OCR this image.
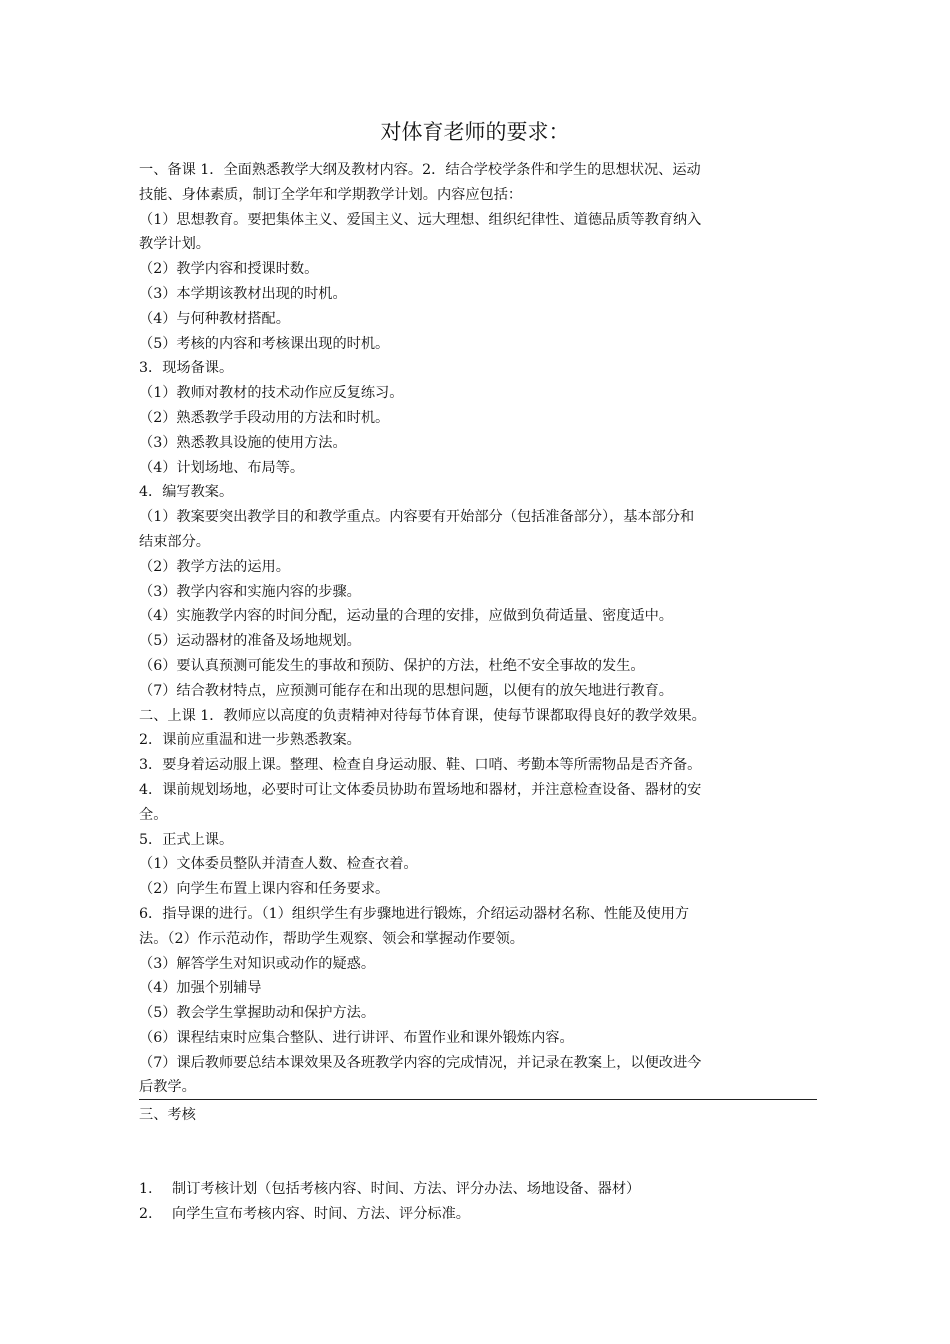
对体育老师的要求：
一、备课 1．全面熟悉教学大纲及教材内容。2．结合学校学条件和学生的思想状况、运动
技能、身体素质，制订全学年和学期教学计划。内容应包括：
（1）思想教育。要把集体主义、爱国主义、远大理想、组织纪律性、道德品质等教育纳入
教学计划。
（2）教学内容和授课时数。
（3）本学期该教材出现的时机。
（4）与何种教材搭配。
（5）考核的内容和考核课出现的时机。
3．现场备课。
（1）教师对教材的技术动作应反复练习。
（2）熟悉教学手段动用的方法和时机。
（3）熟悉教具设施的使用方法。
（4）计划场地、布局等。
4．编写教案。
（1）教案要突出教学目的和教学重点。内容要有开始部分（包括准备部分），基本部分和
结束部分。
（2）教学方法的运用。
（3）教学内容和实施内容的步骤。
（4）实施教学内容的时间分配，运动量的合理的安排，应做到负荷适量、密度适中。
（5）运动器材的准备及场地规划。
（6）要认真预测可能发生的事故和预防、保护的方法，杜绝不安全事故的发生。
（7）结合教材特点，应预测可能存在和出现的思想问题，以便有的放矢地进行教育。
二、上课 1．教师应以高度的负责精神对待每节体育课，使每节课都取得良好的教学效果。
2．课前应重温和进一步熟悉教案。
3．要身着运动服上课。整理、检查自身运动服、鞋、口哨、考勤本等所需物品是否齐备。
4．课前规划场地，必要时可让文体委员协助布置场地和器材，并注意检查设备、器材的安
全。
5．正式上课。
（1）文体委员整队并清查人数、检查衣着。
（2）向学生布置上课内容和任务要求。
6．指导课的进行。（1）组织学生有步骤地进行锻炼，介绍运动器材名称、性能及使用方
法。（2）作示范动作，帮助学生观察、领会和掌握动作要领。
（3）解答学生对知识或动作的疑惑。
（4）加强个别辅导
（5）教会学生掌握助动和保护方法。
（6）课程结束时应集合整队、进行讲评、布置作业和课外锻炼内容。
（7）课后教师要总结本课效果及各班教学内容的完成情况，并记录在教案上，以便改进今
后教学。
三、考核
1. 制订考核计划（包括考核内容、时间、方法、评分办法、场地设备、器材）
2. 向学生宣布考核内容、时间、方法、评分标准。
